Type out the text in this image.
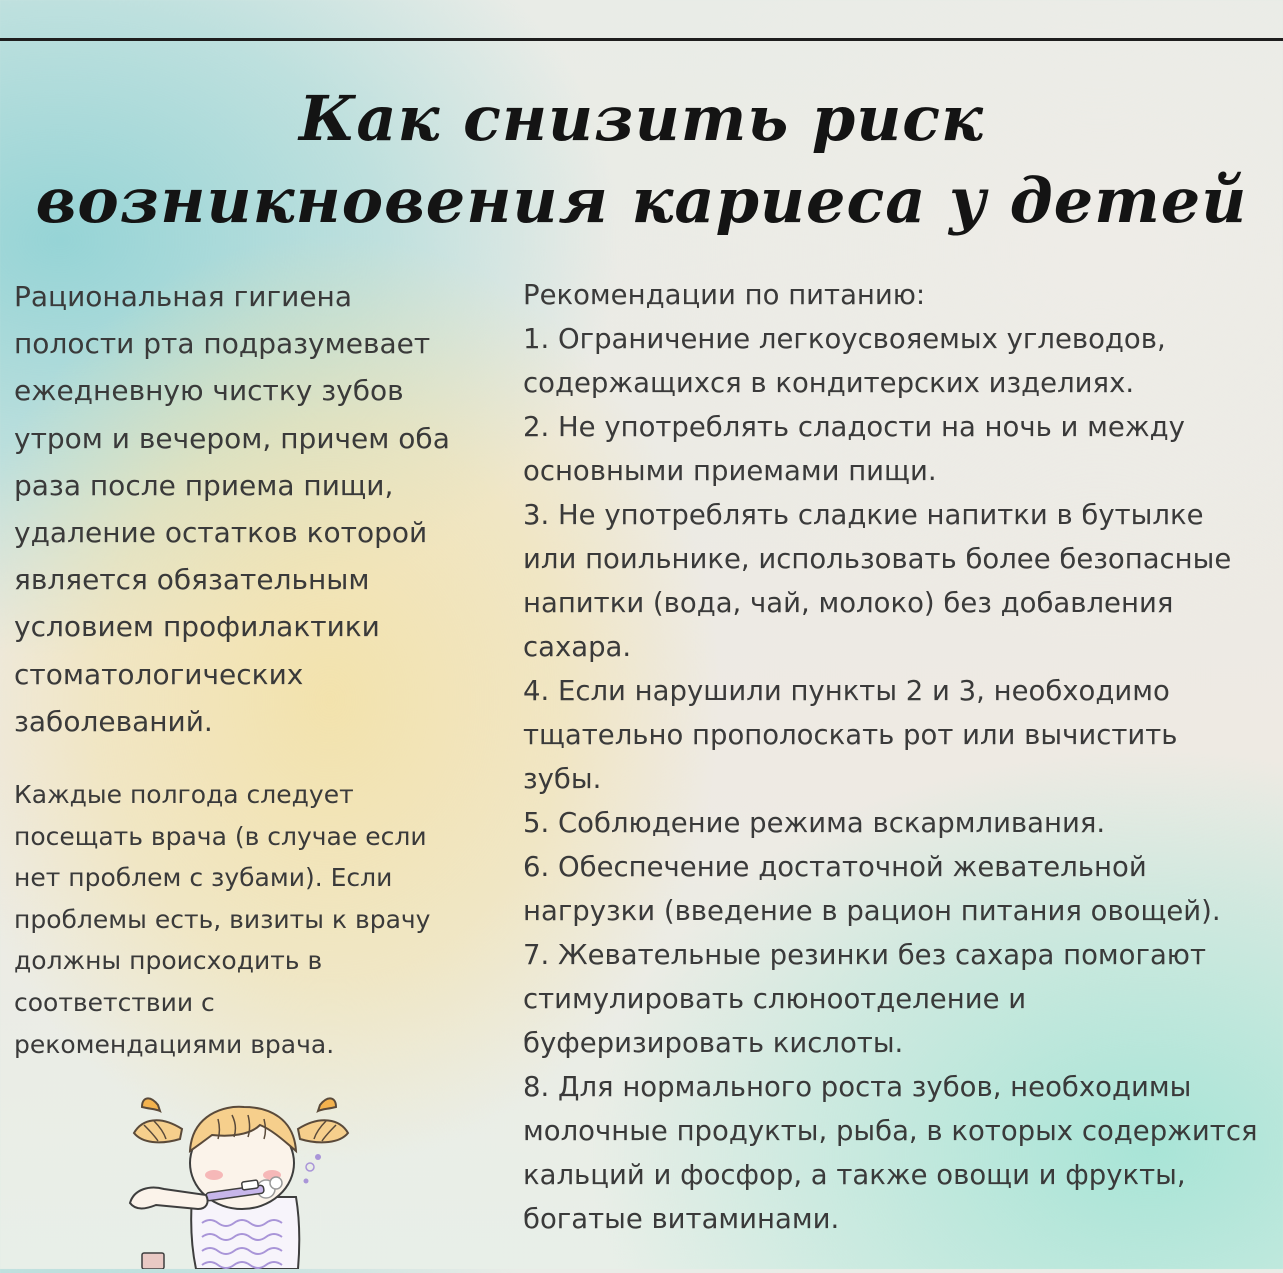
Как снизить риск
возникновения кариеса у детей
Рациональная гигиена
полости рта подразумевает
ежедневную чистку зубов
утром и вечером, причем оба
раза после приема пищи,
удаление остатков которой
является обязательным
условием профилактики
стоматологических
заболеваний.
Каждые полгода следует
посещать врача (в случае если
нет проблем с зубами). Если
проблемы есть, визиты к врачу
должны происходить в
соответствии с
рекомендациями врача.
Рекомендации по питанию:
1. Ограничение легкоусвояемых углеводов,
содержащихся в кондитерских изделиях.
2. Не употреблять сладости на ночь и между
основными приемами пищи.
3. Не употреблять сладкие напитки в бутылке
или поильнике, использовать более безопасные
напитки (вода, чай, молоко) без добавления
сахара.
4. Если нарушили пункты 2 и 3, необходимо
тщательно прополоскать рот или вычистить
зубы.
5. Соблюдение режима вскармливания.
6. Обеспечение достаточной жевательной
нагрузки (введение в рацион питания овощей).
7. Жевательные резинки без сахара помогают
стимулировать слюноотделение и
буферизировать кислоты.
8. Для нормального роста зубов, необходимы
молочные продукты, рыба, в которых содержится
кальций и фосфор, а также овощи и фрукты,
богатые витаминами.
